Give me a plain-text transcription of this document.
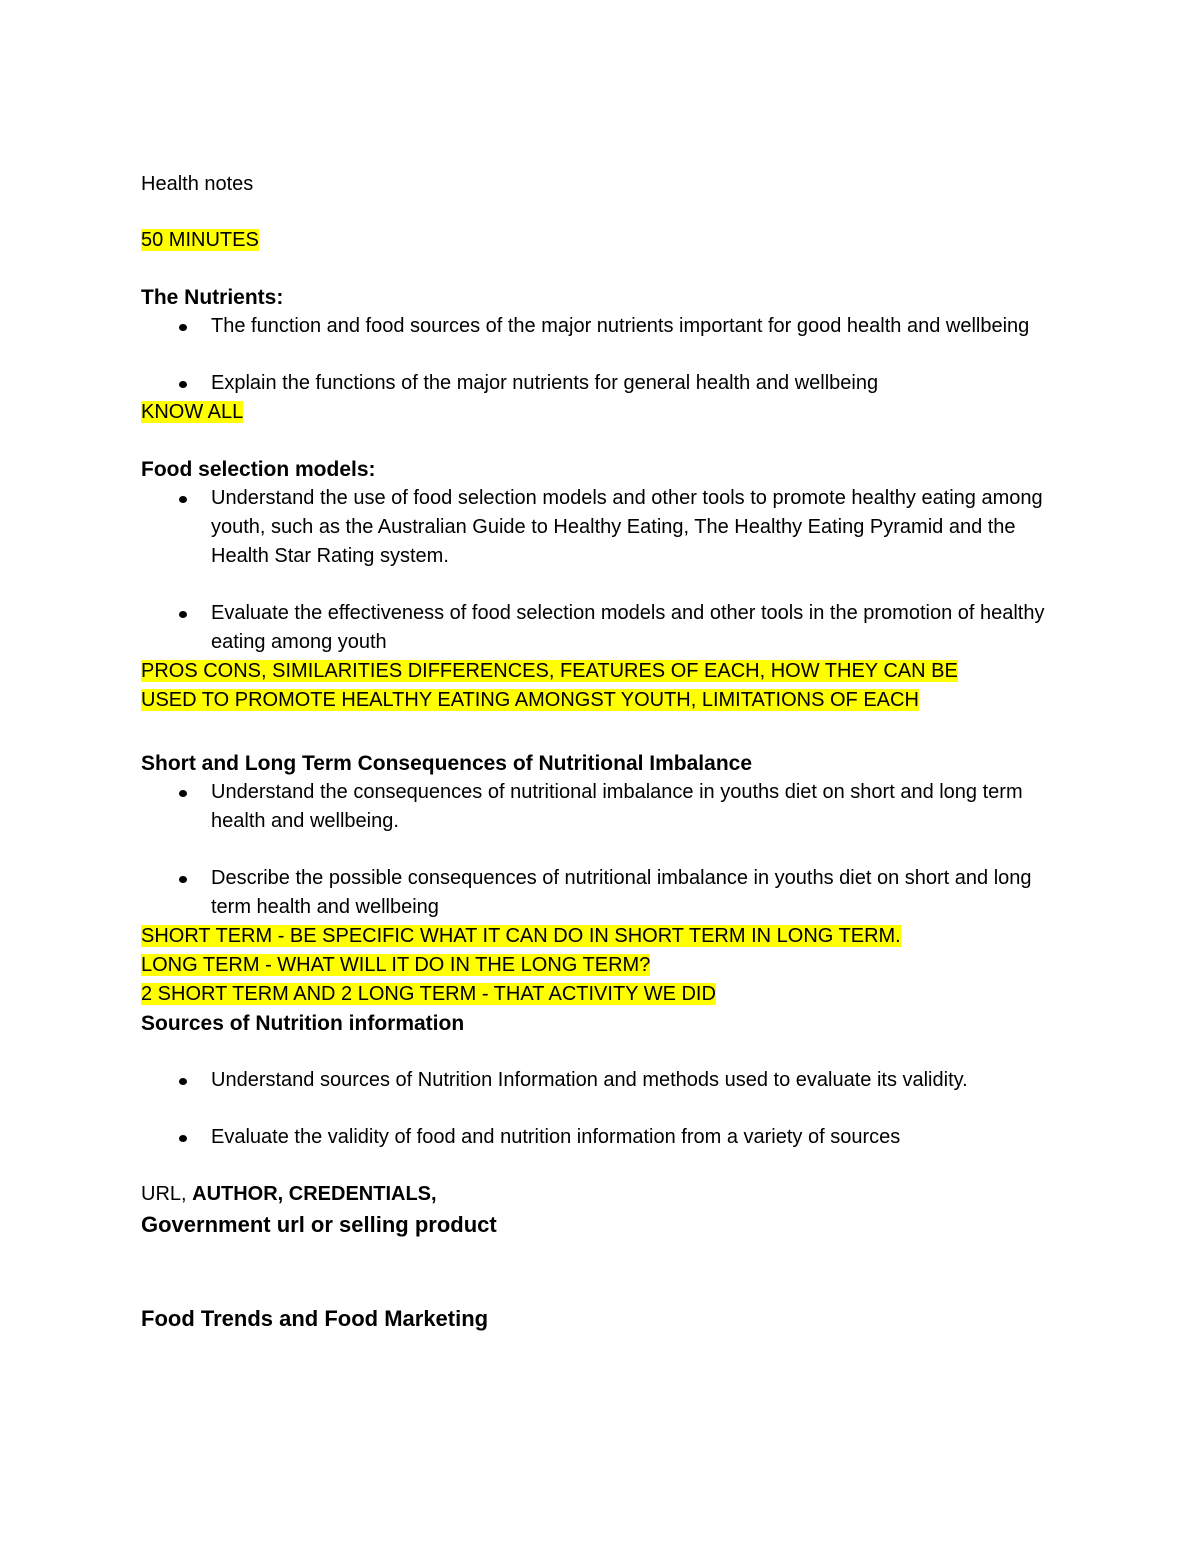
Health notes

50 MINUTES

The Nutrients:

The function and food sources of the major nutrients important for good health and wellbeing
Explain the functions of the major nutrients for general health and wellbeing

KNOW ALL

Food selection models:

Understand the use of food selection models and other tools to promote healthy eating among youth, such as the Australian Guide to Healthy Eating, The Healthy Eating Pyramid and the Health Star Rating system.
Evaluate the effectiveness of food selection models and other tools in the promotion of healthy eating among youth

PROS CONS, SIMILARITIES DIFFERENCES, FEATURES OF EACH, HOW THEY CAN BE

USED TO PROMOTE HEALTHY EATING AMONGST YOUTH, LIMITATIONS OF EACH

Short and Long Term Consequences of Nutritional Imbalance

Understand the consequences of nutritional imbalance in youths diet on short and long term health and wellbeing.
Describe the possible consequences of nutritional imbalance in youths diet on short and long term health and wellbeing

SHORT TERM - BE SPECIFIC WHAT IT CAN DO IN SHORT TERM IN LONG TERM.

LONG TERM - WHAT WILL IT DO IN THE LONG TERM?

2 SHORT TERM AND 2 LONG TERM - THAT ACTIVITY WE DID

Sources of Nutrition information

Understand sources of Nutrition Information and methods used to evaluate its validity.
Evaluate the validity of food and nutrition information from a variety of sources

URL, AUTHOR, CREDENTIALS,

Government url or selling product

Food Trends and Food Marketing
